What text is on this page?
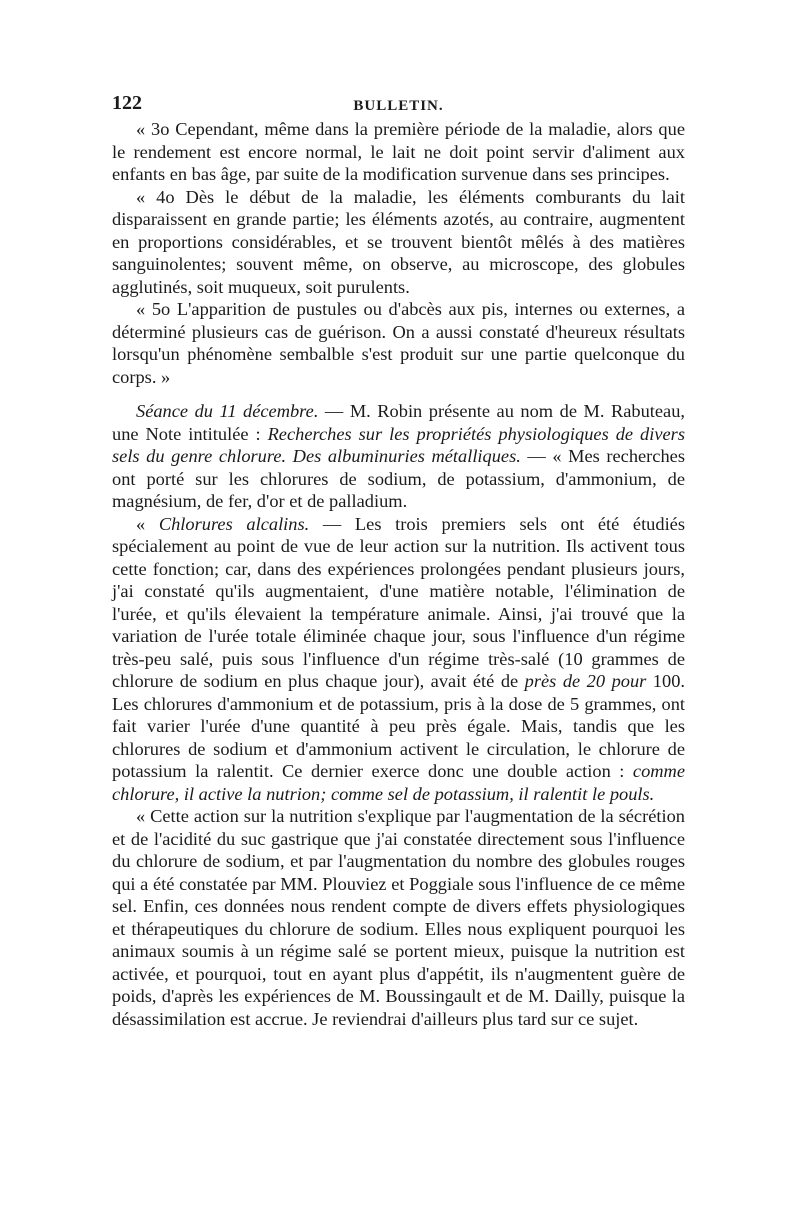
122	BULLETIN.

« 3o Cependant, même dans la première période de la maladie, alors que le rendement est encore normal, le lait ne doit point servir d'aliment aux enfants en bas âge, par suite de la modification survenue dans ses principes.

« 4o Dès le début de la maladie, les éléments comburants du lait disparaissent en grande partie; les éléments azotés, au contraire, augmentent en proportions considérables, et se trouvent bientôt mêlés à des matières sanguinolentes; souvent même, on observe, au microscope, des globules agglutinés, soit muqueux, soit purulents.

« 5o L'apparition de pustules ou d'abcès aux pis, internes ou externes, a déterminé plusieurs cas de guérison. On a aussi constaté d'heureux résultats lorsqu'un phénomène sembalble s'est produit sur une partie quelconque du corps. »

Séance du 11 décembre. — M. Robin présente au nom de M. Rabuteau, une Note intitulée : Recherches sur les propriétés physiologiques de divers sels du genre chlorure. Des albuminuries métalliques. — « Mes recherches ont porté sur les chlorures de sodium, de potassium, d'ammonium, de magnésium, de fer, d'or et de palladium.

« Chlorures alcalins. — Les trois premiers sels ont été étudiés spécialement au point de vue de leur action sur la nutrition. Ils activent tous cette fonction; car, dans des expériences prolongées pendant plusieurs jours, j'ai constaté qu'ils augmentaient, d'une matière notable, l'élimination de l'urée, et qu'ils élevaient la température animale. Ainsi, j'ai trouvé que la variation de l'urée totale éliminée chaque jour, sous l'influence d'un régime très-peu salé, puis sous l'influence d'un régime très-salé (10 grammes de chlorure de sodium en plus chaque jour), avait été de près de 20 pour 100. Les chlorures d'ammonium et de potassium, pris à la dose de 5 grammes, ont fait varier l'urée d'une quantité à peu près égale. Mais, tandis que les chlorures de sodium et d'ammonium activent le circulation, le chlorure de potassium la ralentit. Ce dernier exerce donc une double action : comme chlorure, il active la nutrion; comme sel de potassium, il ralentit le pouls.

« Cette action sur la nutrition s'explique par l'augmentation de la sécrétion et de l'acidité du suc gastrique que j'ai constatée directement sous l'influence du chlorure de sodium, et par l'augmentation du nombre des globules rouges qui a été constatée par MM. Plouviez et Poggiale sous l'influence de ce même sel. Enfin, ces données nous rendent compte de divers effets physiologiques et thérapeutiques du chlorure de sodium. Elles nous expliquent pourquoi les animaux soumis à un régime salé se portent mieux, puisque la nutrition est activée, et pourquoi, tout en ayant plus d'appétit, ils n'augmentent guère de poids, d'après les expériences de M. Boussingault et de M. Dailly, puisque la désassimilation est accrue. Je reviendrai d'ailleurs plus tard sur ce sujet.
